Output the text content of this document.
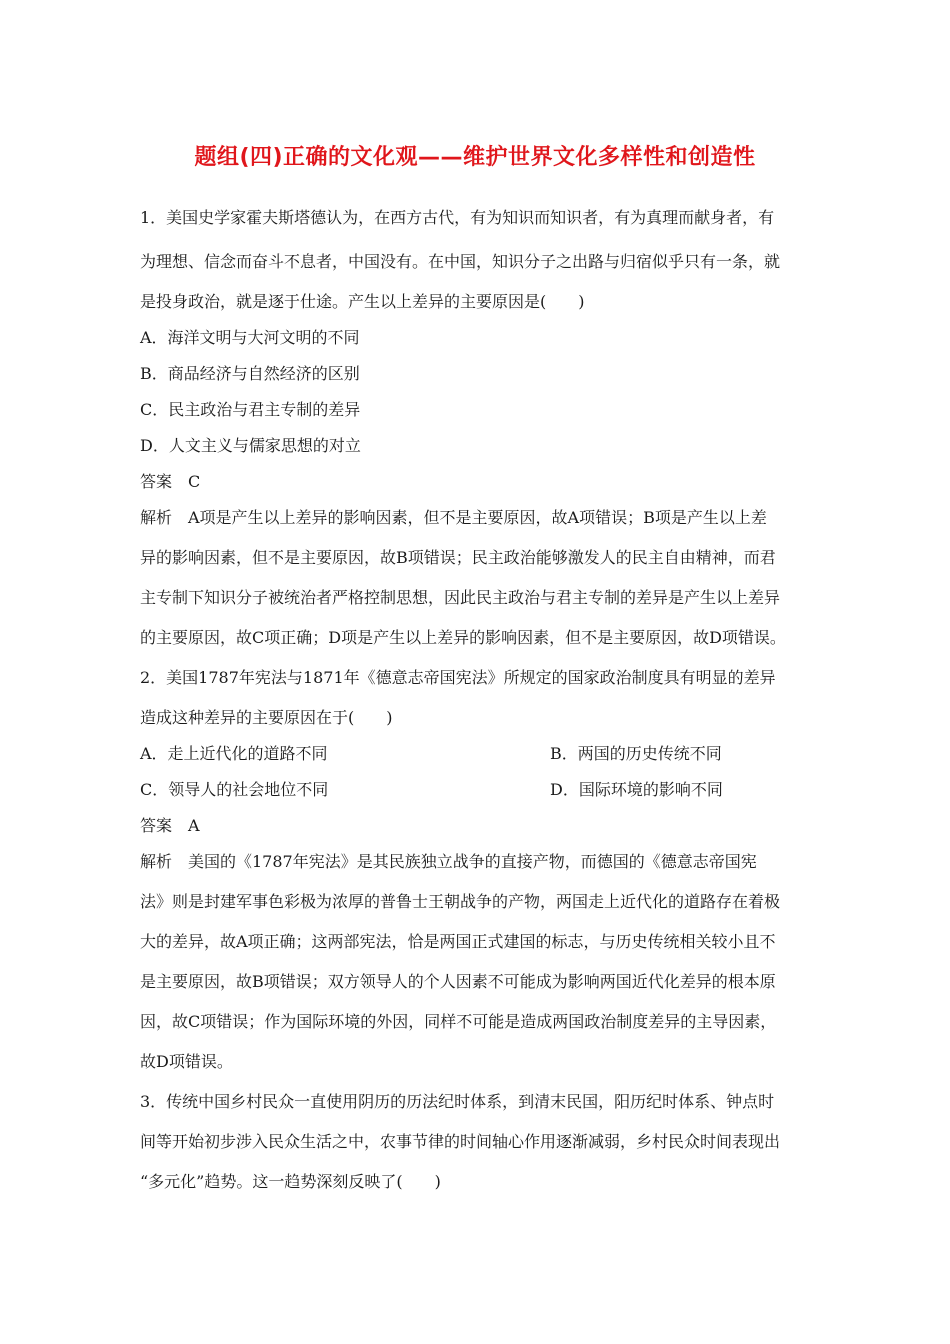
题组(四)正确的文化观——维护世界文化多样性和创造性
1．美国史学家霍夫斯塔德认为，在西方古代，有为知识而知识者，有为真理而献身者，有
为理想、信念而奋斗不息者，中国没有。在中国，知识分子之出路与归宿似乎只有一条，就
是投身政治，就是逐于仕途。产生以上差异的主要原因是(　　)
A．海洋文明与大河文明的不同
B．商品经济与自然经济的区别
C．民主政治与君主专制的差异
D．人文主义与儒家思想的对立
答案　C
解析　A项是产生以上差异的影响因素，但不是主要原因，故A项错误；B项是产生以上差
异的影响因素，但不是主要原因，故B项错误；民主政治能够激发人的民主自由精神，而君
主专制下知识分子被统治者严格控制思想，因此民主政治与君主专制的差异是产生以上差异
的主要原因，故C项正确；D项是产生以上差异的影响因素，但不是主要原因，故D项错误。
2．美国1787年宪法与1871年《德意志帝国宪法》所规定的国家政治制度具有明显的差异
造成这种差异的主要原因在于(　　)
A．走上近代化的道路不同	B．两国的历史传统不同
C．领导人的社会地位不同	D．国际环境的影响不同
答案　A
解析　美国的《1787年宪法》是其民族独立战争的直接产物，而德国的《德意志帝国宪
法》则是封建军事色彩极为浓厚的普鲁士王朝战争的产物，两国走上近代化的道路存在着极
大的差异，故A项正确；这两部宪法，恰是两国正式建国的标志，与历史传统相关较小且不
是主要原因，故B项错误；双方领导人的个人因素不可能成为影响两国近代化差异的根本原
因，故C项错误；作为国际环境的外因，同样不可能是造成两国政治制度差异的主导因素，
故D项错误。
3．传统中国乡村民众一直使用阴历的历法纪时体系，到清末民国，阳历纪时体系、钟点时
间等开始初步涉入民众生活之中，农事节律的时间轴心作用逐渐减弱，乡村民众时间表现出
“多元化”趋势。这一趋势深刻反映了(　　)
